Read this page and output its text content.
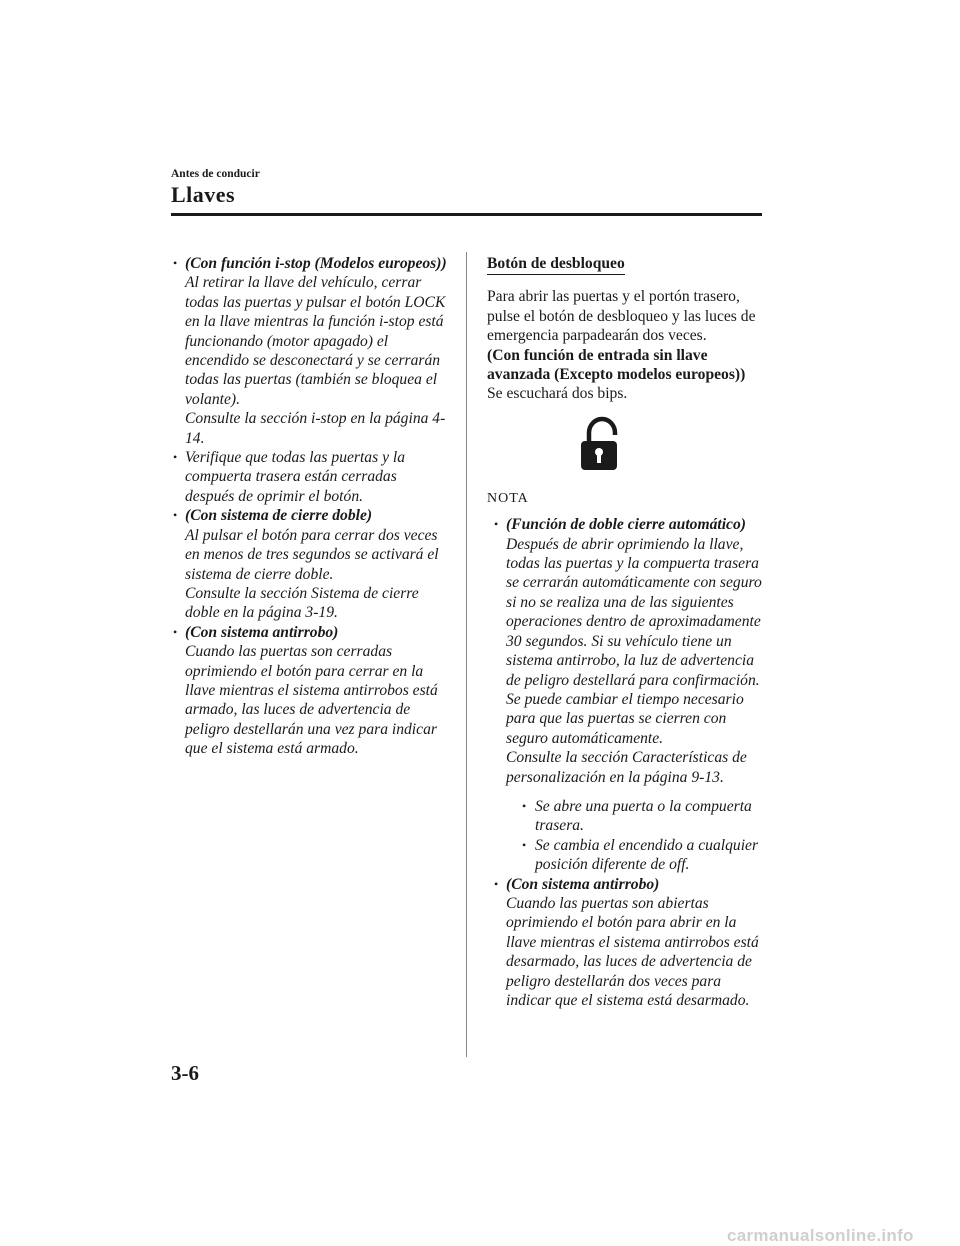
Antes de conducir
Llaves
• (Con función i-stop (Modelos europeos))
Al retirar la llave del vehículo, cerrar todas las puertas y pulsar el botón LOCK en la llave mientras la función i-stop está funcionando (motor apagado) el encendido se desconectará y se cerrarán todas las puertas (también se bloquea el volante).
Consulte la sección i-stop en la página 4-14.
• Verifique que todas las puertas y la compuerta trasera están cerradas después de oprimir el botón.
• (Con sistema de cierre doble)
Al pulsar el botón para cerrar dos veces en menos de tres segundos se activará el sistema de cierre doble.
Consulte la sección Sistema de cierre doble en la página 3-19.
• (Con sistema antirrobo)
Cuando las puertas son cerradas oprimiendo el botón para cerrar en la llave mientras el sistema antirrobos está armado, las luces de advertencia de peligro destellarán una vez para indicar que el sistema está armado.
Botón de desbloqueo
Para abrir las puertas y el portón trasero, pulse el botón de desbloqueo y las luces de emergencia parpadearán dos veces.
(Con función de entrada sin llave avanzada (Excepto modelos europeos))
Se escuchará dos bips.
NOTA
• (Función de doble cierre automático)
Después de abrir oprimiendo la llave, todas las puertas y la compuerta trasera se cerrarán automáticamente con seguro si no se realiza una de las siguientes operaciones dentro de aproximadamente 30 segundos. Si su vehículo tiene un sistema antirrobo, la luz de advertencia de peligro destellará para confirmación.
Se puede cambiar el tiempo necesario para que las puertas se cierren con seguro automáticamente.
Consulte la sección Características de personalización en la página 9-13.
• Se abre una puerta o la compuerta trasera.
• Se cambia el encendido a cualquier posición diferente de off.
• (Con sistema antirrobo)
Cuando las puertas son abiertas oprimiendo el botón para abrir en la llave mientras el sistema antirrobos está desarmado, las luces de advertencia de peligro destellarán dos veces para indicar que el sistema está desarmado.
3-6
carmanualsonline.info
